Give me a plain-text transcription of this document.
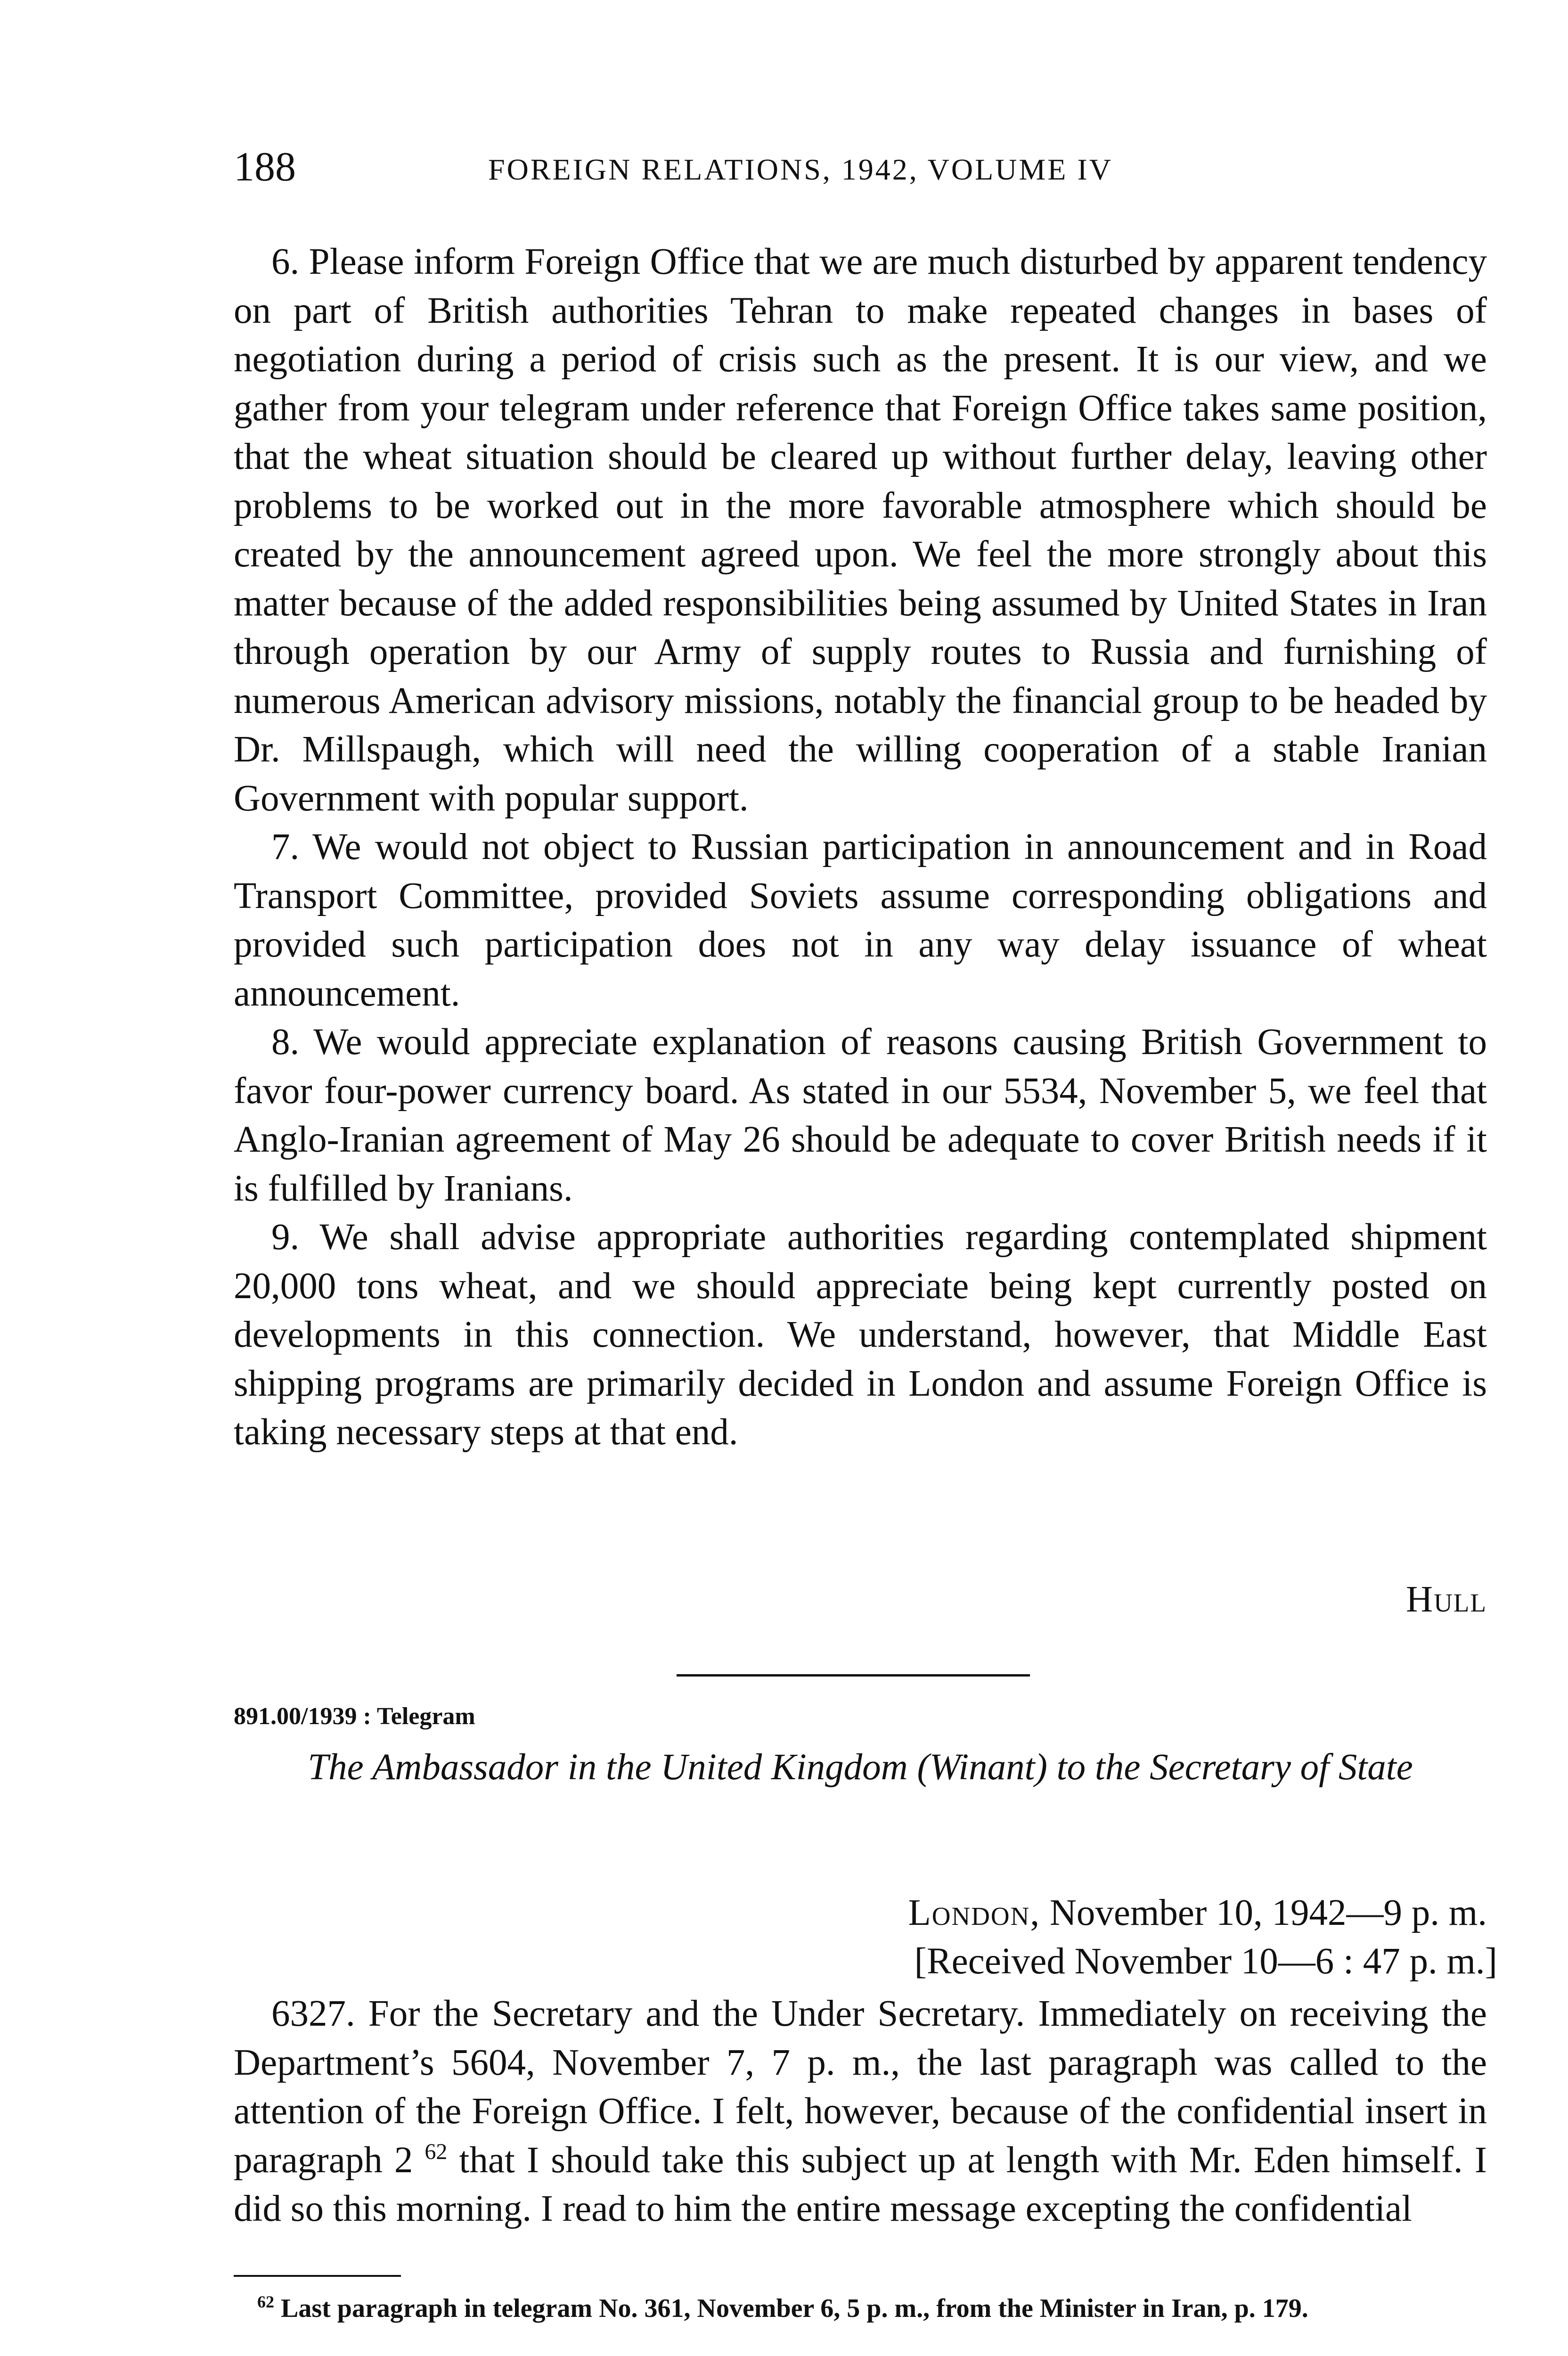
188	FOREIGN RELATIONS, 1942, VOLUME IV

6. Please inform Foreign Office that we are much disturbed by apparent tendency on part of British authorities Tehran to make repeated changes in bases of negotiation during a period of crisis such as the present. It is our view, and we gather from your telegram under reference that Foreign Office takes same position, that the wheat situation should be cleared up without further delay, leaving other problems to be worked out in the more favorable atmosphere which should be created by the announcement agreed upon. We feel the more strongly about this matter because of the added responsibilities being assumed by United States in Iran through operation by our Army of supply routes to Russia and furnishing of numerous American advisory missions, notably the financial group to be headed by Dr. Millspaugh, which will need the willing cooperation of a stable Iranian Government with popular support.

7. We would not object to Russian participation in announcement and in Road Transport Committee, provided Soviets assume corresponding obligations and provided such participation does not in any way delay issuance of wheat announcement.

8. We would appreciate explanation of reasons causing British Government to favor four-power currency board. As stated in our 5534, November 5, we feel that Anglo-Iranian agreement of May 26 should be adequate to cover British needs if it is fulfilled by Iranians.

9. We shall advise appropriate authorities regarding contemplated shipment 20,000 tons wheat, and we should appreciate being kept currently posted on developments in this connection. We understand, however, that Middle East shipping programs are primarily decided in London and assume Foreign Office is taking necessary steps at that end.

Hull
891.00/1939 : Telegram
The Ambassador in the United Kingdom (Winant) to the Secretary of State
London, November 10, 1942—9 p. m.
[Received November 10—6 : 47 p. m.]

6327. For the Secretary and the Under Secretary. Immediately on receiving the Department’s 5604, November 7, 7 p. m., the last paragraph was called to the attention of the Foreign Office. I felt, however, because of the confidential insert in paragraph 2 $^{62}$ that I should take this subject up at length with Mr. Eden himself. I did so this morning. I read to him the entire message excepting the confidential

$^{62}$ Last paragraph in telegram No. 361, November 6, 5 p. m., from the Minister in Iran, p. 179.
